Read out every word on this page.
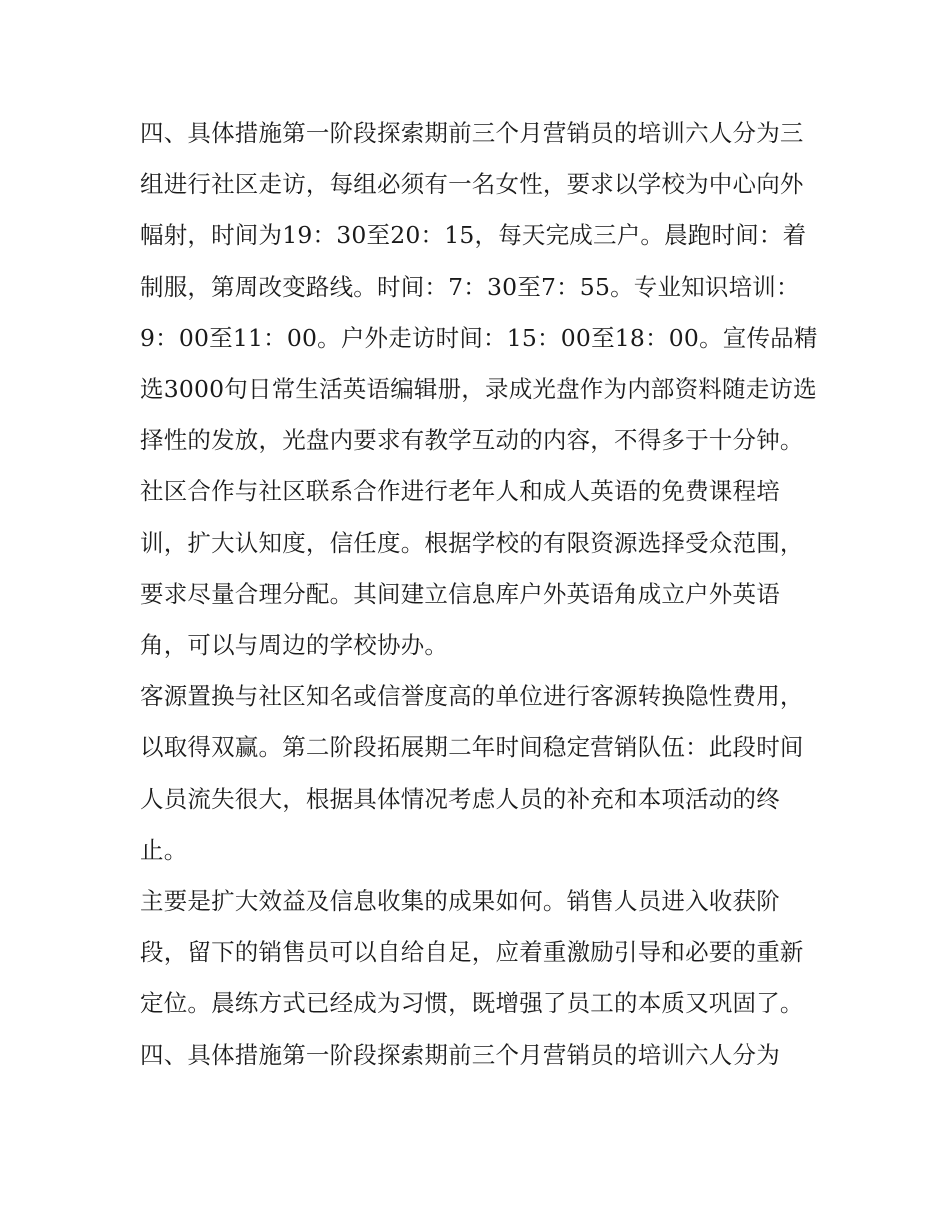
四、具体措施第一阶段探索期前三个月营销员的培训六人分为三组进行社区走访，每组必须有一名女性，要求以学校为中心向外幅射，时间为19：30至20：15，每天完成三户。晨跑时间：着制服，第周改变路线。时间：7：30至7：55。专业知识培训：9：00至11：00。户外走访时间：15：00至18：00。宣传品精选3000句日常生活英语编辑册，录成光盘作为内部资料随走访选择性的发放，光盘内要求有教学互动的内容，不得多于十分钟。社区合作与社区联系合作进行老年人和成人英语的免费课程培训，扩大认知度，信任度。根据学校的有限资源选择受众范围，要求尽量合理分配。其间建立信息库户外英语角成立户外英语角，可以与周边的学校协办。

客源置换与社区知名或信誉度高的单位进行客源转换隐性费用，以取得双赢。第二阶段拓展期二年时间稳定营销队伍：此段时间人员流失很大，根据具体情况考虑人员的补充和本项活动的终止。

主要是扩大效益及信息收集的成果如何。销售人员进入收获阶段，留下的销售员可以自给自足，应着重激励引导和必要的重新定位。晨练方式已经成为习惯，既增强了员工的本质又巩固了。

四、具体措施第一阶段探索期前三个月营销员的培训六人分为
